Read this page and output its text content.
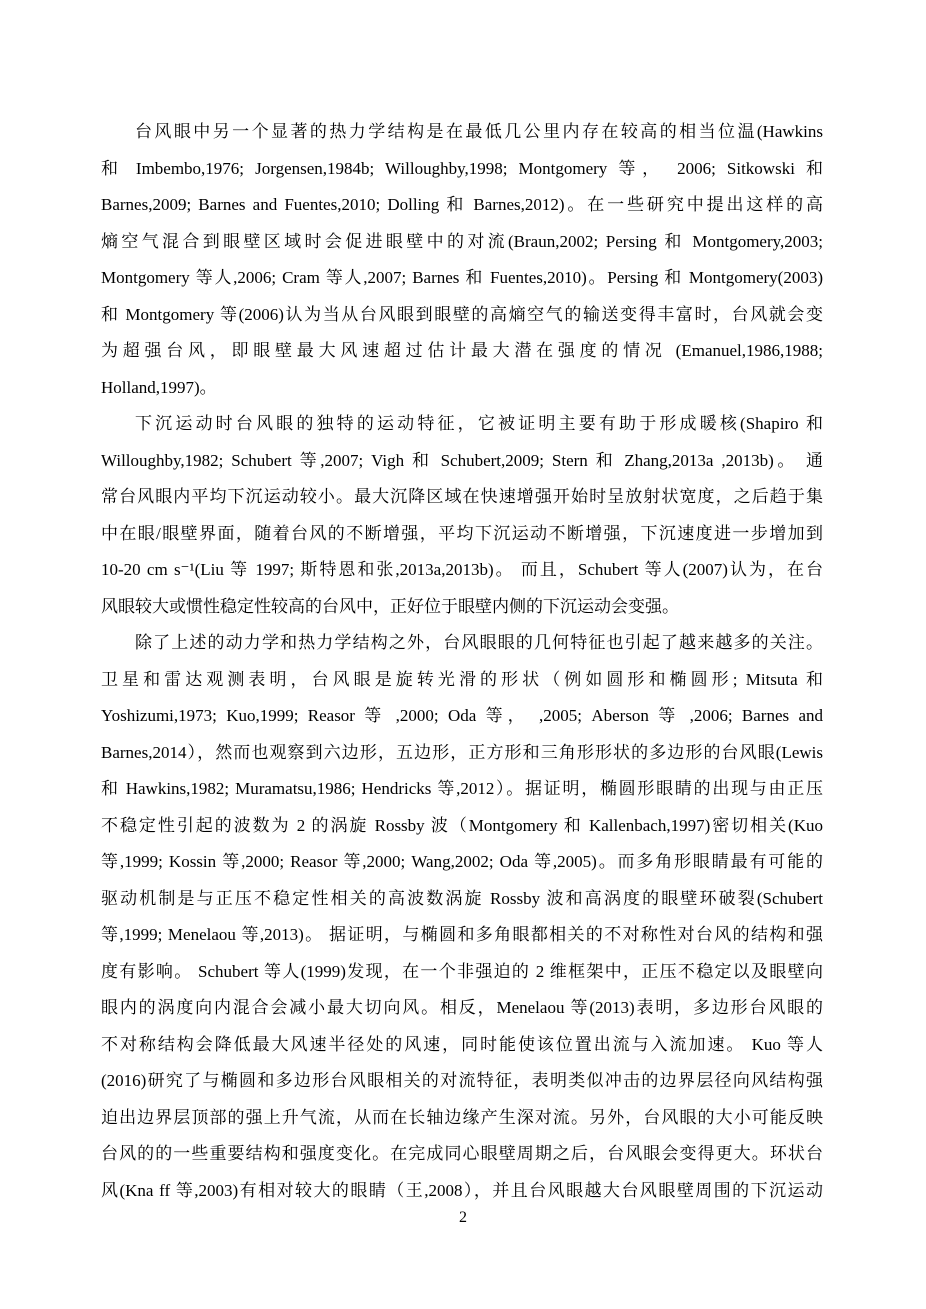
台风眼中另一个显著的热力学结构是在最低几公里内存在较高的相当位温(Hawkins
和 Imbembo,1976; Jorgensen,1984b; Willoughby,1998; Montgomery 等， 2006; Sitkowski 和
Barnes,2009; Barnes and Fuentes,2010; Dolling 和 Barnes,2012)。在一些研究中提出这样的高
熵空气混合到眼壁区域时会促进眼壁中的对流(Braun,2002; Persing 和 Montgomery,2003;
Montgomery 等人,2006; Cram 等人,2007; Barnes 和 Fuentes,2010)。Persing 和 Montgomery(2003)
和 Montgomery 等(2006)认为当从台风眼到眼壁的高熵空气的输送变得丰富时，台风就会变
为超强台风，即眼壁最大风速超过估计最大潜在强度的情况 (Emanuel,1986,1988;
Holland,1997)。
下沉运动时台风眼的独特的运动特征，它被证明主要有助于形成暖核(Shapiro 和
Willoughby,1982; Schubert 等,2007; Vigh 和 Schubert,2009; Stern 和 Zhang,2013a ,2013b)。 通
常台风眼内平均下沉运动较小。最大沉降区域在快速增强开始时呈放射状宽度，之后趋于集
中在眼/眼壁界面，随着台风的不断增强，平均下沉运动不断增强，下沉速度进一步增加到
10-20 cm s⁻¹(Liu 等 1997; 斯特恩和张,2013a,2013b)。 而且，Schubert 等人(2007)认为，在台
风眼较大或惯性稳定性较高的台风中，正好位于眼壁内侧的下沉运动会变强。
除了上述的动力学和热力学结构之外，台风眼眼的几何特征也引起了越来越多的关注。
卫星和雷达观测表明，台风眼是旋转光滑的形状（例如圆形和椭圆形; Mitsuta 和
Yoshizumi,1973; Kuo,1999; Reasor 等 ,2000; Oda 等， ,2005; Aberson 等 ,2006; Barnes and
Barnes,2014），然而也观察到六边形，五边形，正方形和三角形形状的多边形的台风眼(Lewis
和 Hawkins,1982; Muramatsu,1986; Hendricks 等,2012）。据证明，椭圆形眼睛的出现与由正压
不稳定性引起的波数为 2 的涡旋 Rossby 波（Montgomery 和 Kallenbach,1997)密切相关(Kuo
等,1999; Kossin 等,2000; Reasor 等,2000; Wang,2002; Oda 等,2005)。而多角形眼睛最有可能的
驱动机制是与正压不稳定性相关的高波数涡旋 Rossby 波和高涡度的眼壁环破裂(Schubert
等,1999; Menelaou 等,2013)。 据证明，与椭圆和多角眼都相关的不对称性对台风的结构和强
度有影响。 Schubert 等人(1999)发现，在一个非强迫的 2 维框架中，正压不稳定以及眼壁向
眼内的涡度向内混合会减小最大切向风。相反，Menelaou 等(2013)表明，多边形台风眼的
不对称结构会降低最大风速半径处的风速，同时能使该位置出流与入流加速。 Kuo 等人
(2016)研究了与椭圆和多边形台风眼相关的对流特征，表明类似冲击的边界层径向风结构强
迫出边界层顶部的强上升气流，从而在长轴边缘产生深对流。另外，台风眼的大小可能反映
台风的的一些重要结构和强度变化。在完成同心眼壁周期之后，台风眼会变得更大。环状台
风(Kna ff 等,2003)有相对较大的眼睛（王,2008），并且台风眼越大台风眼壁周围的下沉运动
2
